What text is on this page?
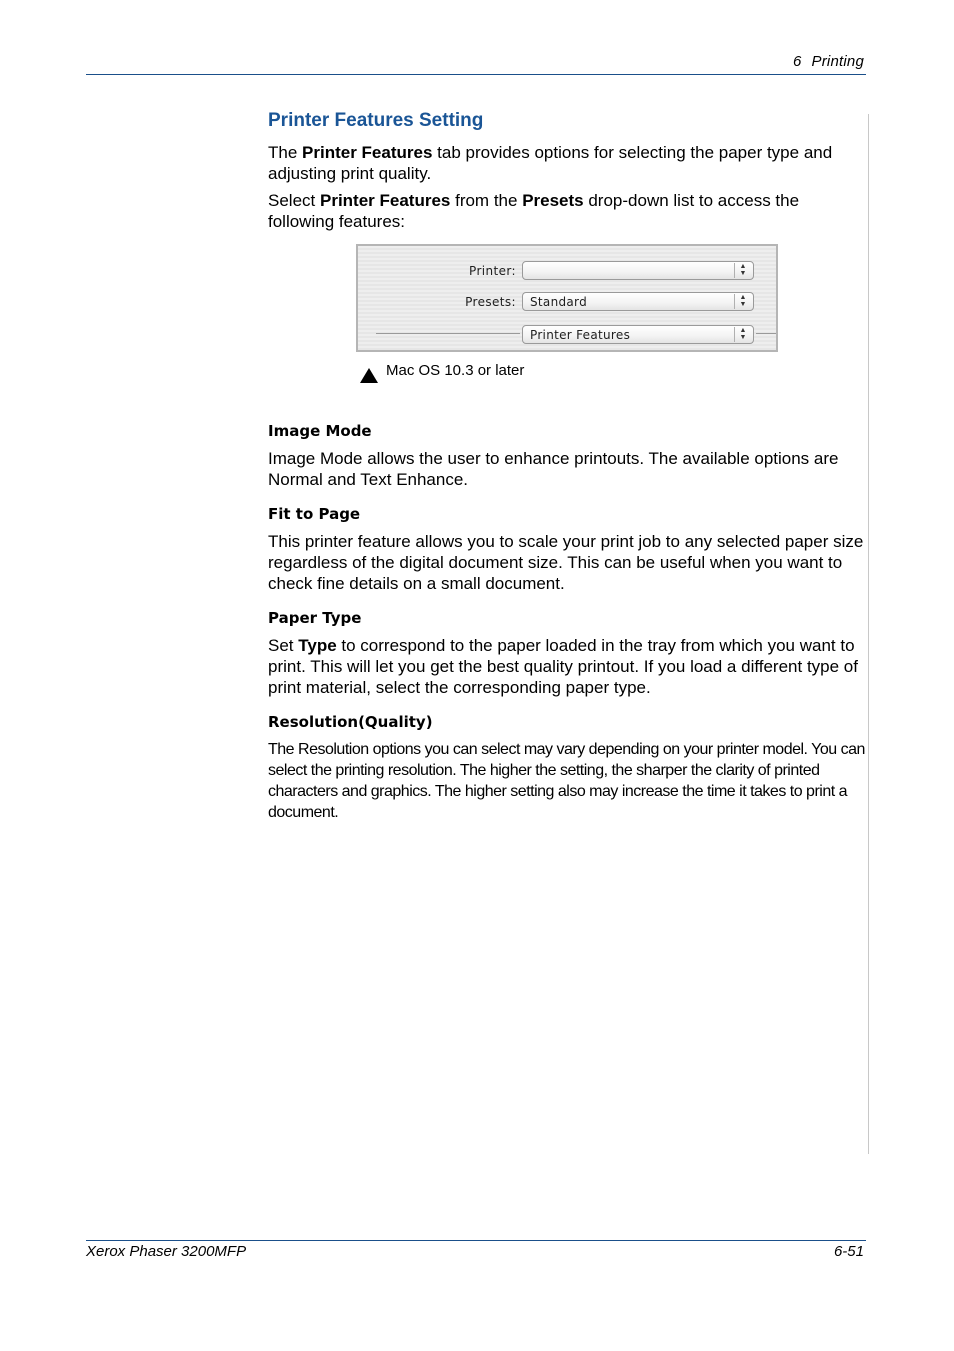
6 Printing
Printer Features Setting

The Printer Features tab provides options for selecting the paper type and adjusting print quality.

Select Printer Features from the Presets drop-down list to access the following features:

Printer:	▲
▼
Presets: Standard	▲
▼
Printer Features	▲
▼
Mac OS 10.3 or later
Image Mode

Image Mode allows the user to enhance printouts. The available options are Normal and Text Enhance.

Fit to Page

This printer feature allows you to scale your print job to any selected paper size regardless of the digital document size. This can be useful when you want to check fine details on a small document.

Paper Type

Set Type to correspond to the paper loaded in the tray from which you want to print. This will let you get the best quality printout. If you load a different type of print material, select the corresponding paper type.

Resolution(Quality)

The Resolution options you can select may vary depending on your printer model. You can select the printing resolution. The higher the setting, the sharper the clarity of printed characters and graphics. The higher setting also may increase the time it takes to print a document.

Xerox Phaser 3200MFP	6-51
